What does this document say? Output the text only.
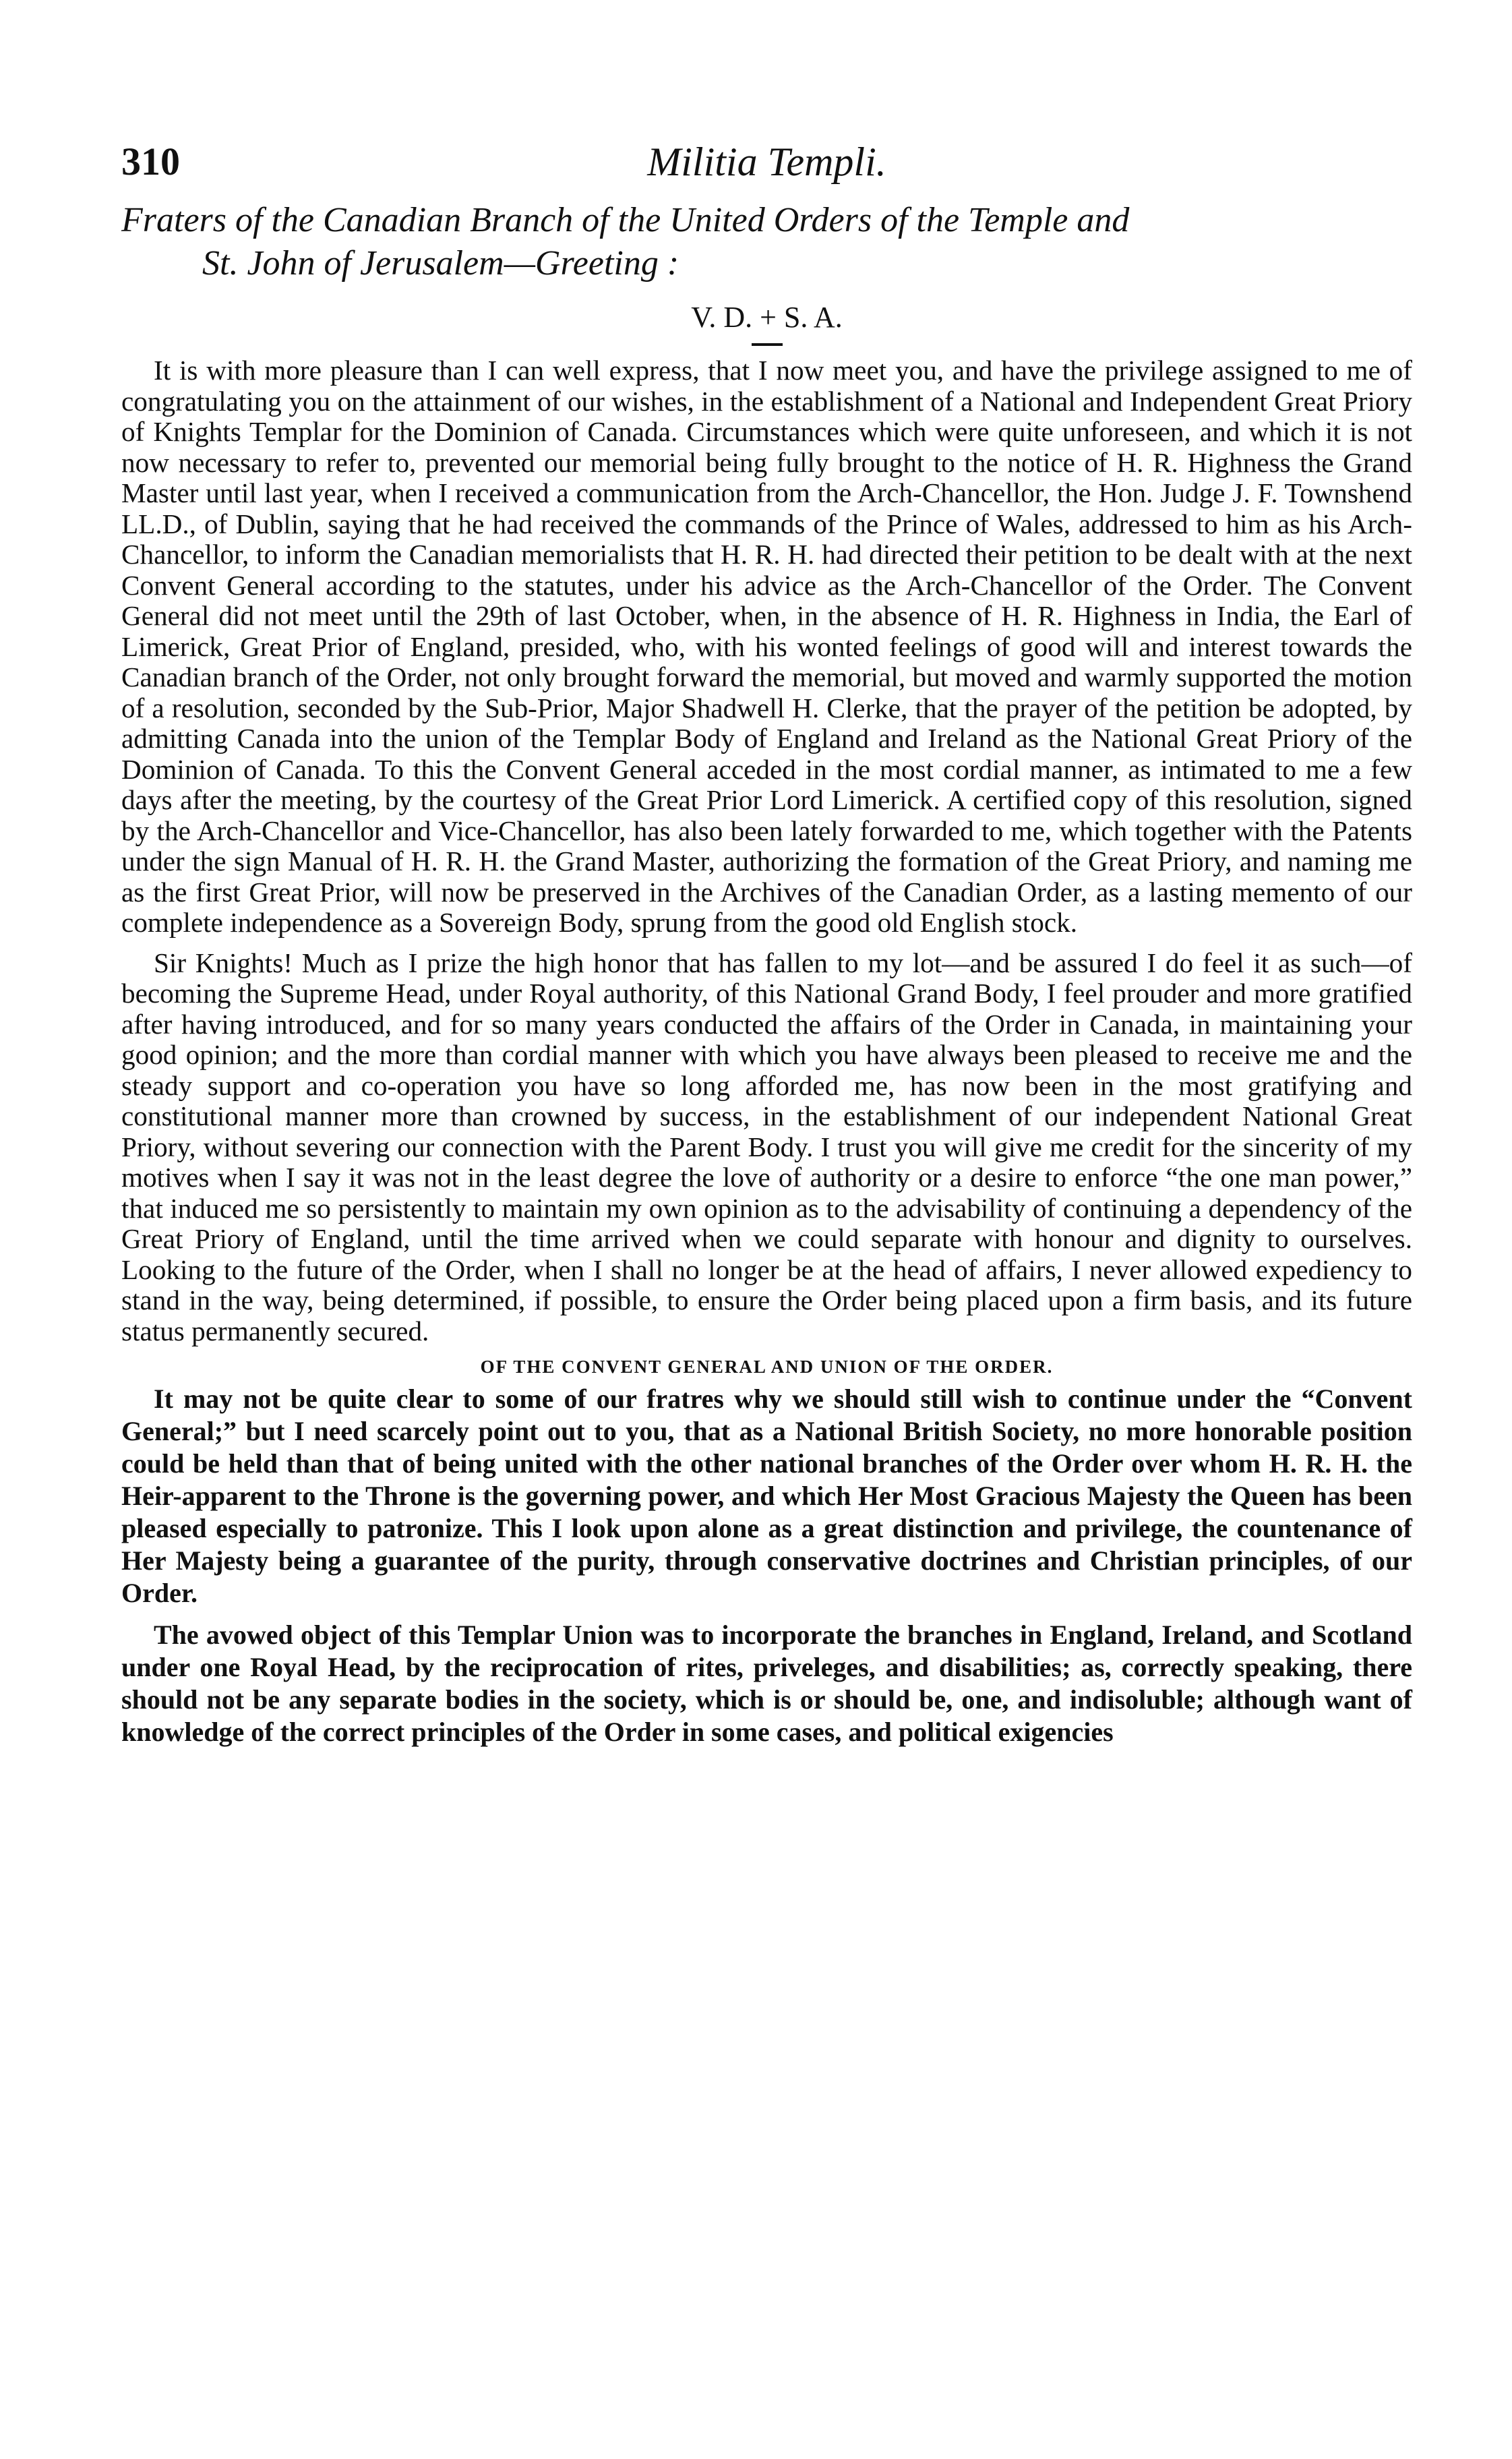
310	Militia Templi.

Fraters of the Canadian Branch of the United Orders of the Temple and
St. John of Jerusalem—Greeting :

V. D. + S. A.

It is with more pleasure than I can well express, that I now meet you, and have the privilege assigned to me of congratulating you on the attainment of our wishes, in the establishment of a National and Independent Great Priory of Knights Templar for the Dominion of Canada. Circumstances which were quite unforeseen, and which it is not now necessary to refer to, prevented our memorial being fully brought to the notice of H. R. Highness the Grand Master until last year, when I received a communication from the Arch-Chancellor, the Hon. Judge J. F. Townshend LL.D., of Dublin, saying that he had received the commands of the Prince of Wales, addressed to him as his Arch-Chancellor, to inform the Canadian memorialists that H. R. H. had directed their petition to be dealt with at the next Convent General according to the statutes, under his advice as the Arch-Chancellor of the Order. The Convent General did not meet until the 29th of last October, when, in the absence of H. R. Highness in India, the Earl of Limerick, Great Prior of England, presided, who, with his wonted feelings of good will and interest towards the Canadian branch of the Order, not only brought forward the memorial, but moved and warmly supported the motion of a resolution, seconded by the Sub-Prior, Major Shadwell H. Clerke, that the prayer of the petition be adopted, by admitting Canada into the union of the Templar Body of England and Ireland as the National Great Priory of the Dominion of Canada. To this the Convent General acceded in the most cordial manner, as intimated to me a few days after the meeting, by the courtesy of the Great Prior Lord Limerick. A certified copy of this resolution, signed by the Arch-Chancellor and Vice-Chancellor, has also been lately forwarded to me, which together with the Patents under the sign Manual of H. R. H. the Grand Master, authorizing the formation of the Great Priory, and naming me as the first Great Prior, will now be preserved in the Archives of the Canadian Order, as a lasting memento of our complete independence as a Sovereign Body, sprung from the good old English stock.

Sir Knights! Much as I prize the high honor that has fallen to my lot—and be assured I do feel it as such—of becoming the Supreme Head, under Royal authority, of this National Grand Body, I feel prouder and more gratified after having introduced, and for so many years conducted the affairs of the Order in Canada, in maintaining your good opinion; and the more than cordial manner with which you have always been pleased to receive me and the steady support and co-operation you have so long afforded me, has now been in the most gratifying and constitutional manner more than crowned by success, in the establishment of our independent National Great Priory, without severing our connection with the Parent Body. I trust you will give me credit for the sincerity of my motives when I say it was not in the least degree the love of authority or a desire to enforce “the one man power,” that induced me so persistently to maintain my own opinion as to the advisability of continuing a dependency of the Great Priory of England, until the time arrived when we could separate with honour and dignity to ourselves. Looking to the future of the Order, when I shall no longer be at the head of affairs, I never allowed expediency to stand in the way, being determined, if possible, to ensure the Order being placed upon a firm basis, and its future status permanently secured.

OF THE CONVENT GENERAL AND UNION OF THE ORDER.

It may not be quite clear to some of our fratres why we should still wish to continue under the “Convent General;” but I need scarcely point out to you, that as a National British Society, no more honorable position could be held than that of being united with the other national branches of the Order over whom H. R. H. the Heir-apparent to the Throne is the governing power, and which Her Most Gracious Majesty the Queen has been pleased especially to patronize. This I look upon alone as a great distinction and privilege, the countenance of Her Majesty being a guarantee of the purity, through conservative doctrines and Christian principles, of our Order.

The avowed object of this Templar Union was to incorporate the branches in England, Ireland, and Scotland under one Royal Head, by the reciprocation of rites, priveleges, and disabilities; as, correctly speaking, there should not be any separate bodies in the society, which is or should be, one, and indisoluble; although want of knowledge of the correct principles of the Order in some cases, and political exigencies
